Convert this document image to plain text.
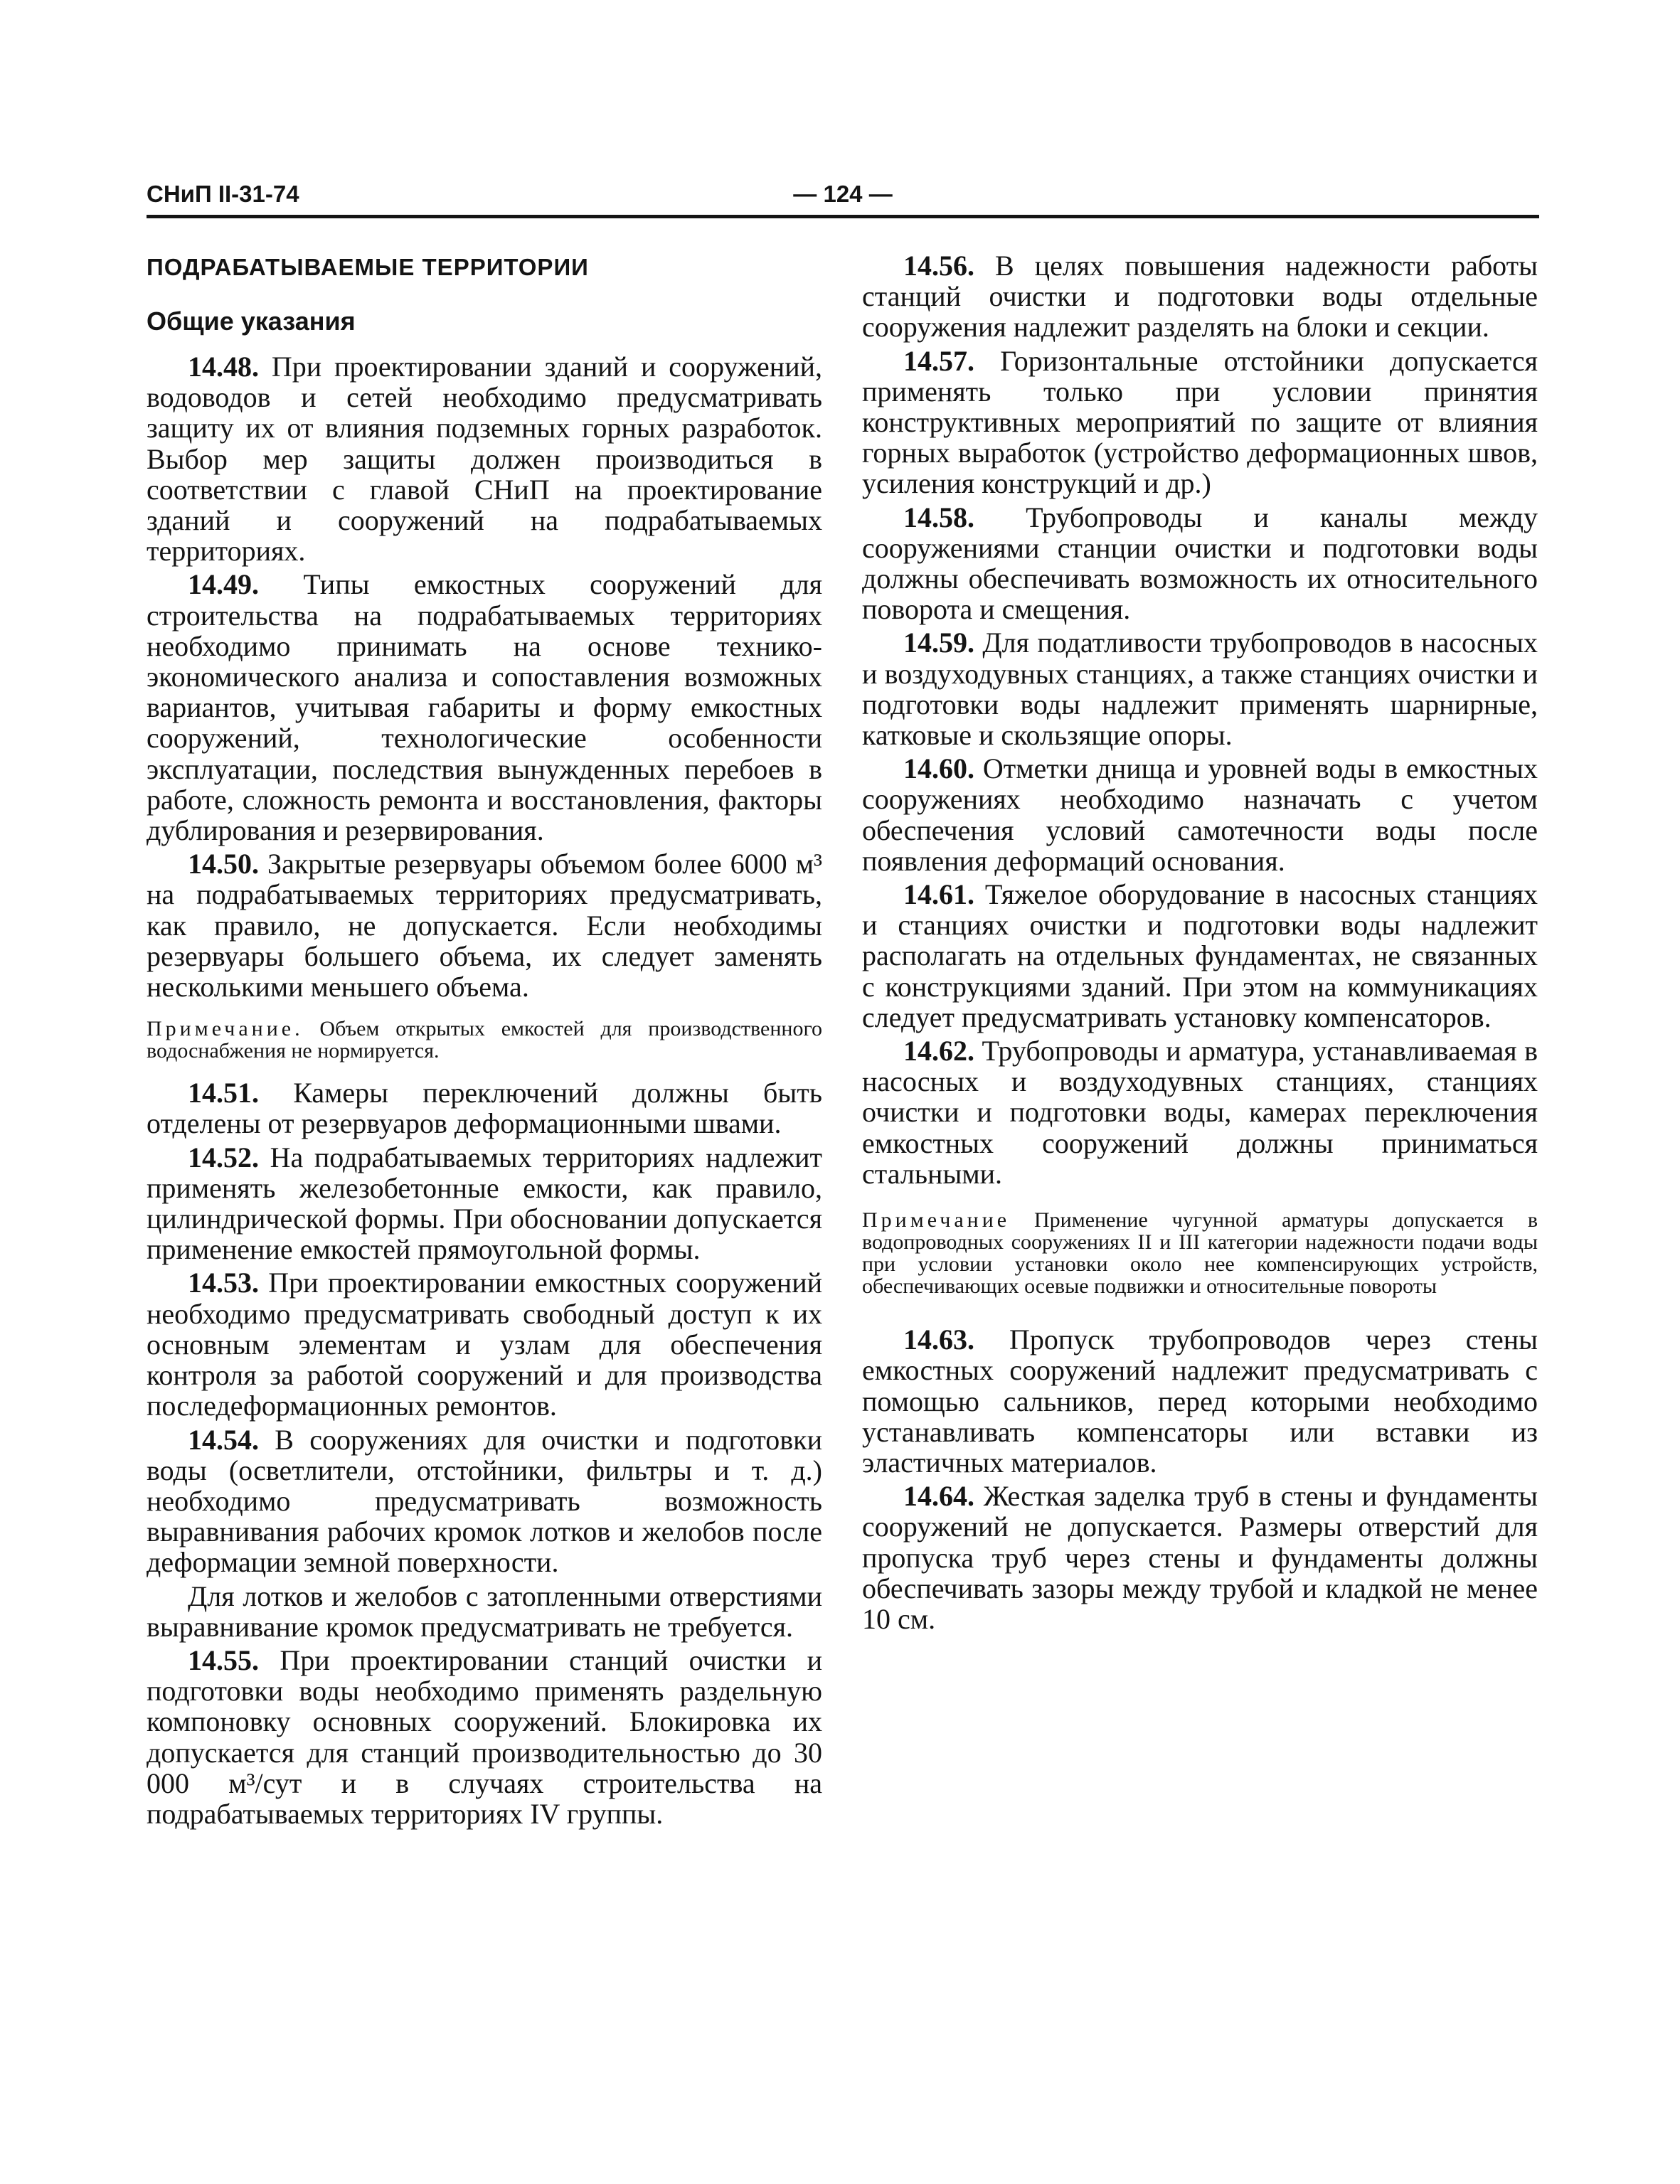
СНиП II-31-74	— 124 —
ПОДРАБАТЫВАЕМЫЕ ТЕРРИТОРИИ
Общие указания

14.48. При проектировании зданий и сооружений, водоводов и сетей необходимо предусматривать защиту их от влияния подземных горных разработок. Выбор мер защиты должен производиться в соответствии с главой СНиП на проектирование зданий и сооружений на подрабатываемых территориях.

14.49. Типы емкостных сооружений для строительства на подрабатываемых территориях необходимо принимать на основе технико-экономического анализа и сопоставления возможных вариантов, учитывая габариты и форму емкостных сооружений, технологические особенности эксплуатации, последствия вынужденных перебоев в работе, сложность ремонта и восстановления, факторы дублирования и резервирования.

14.50. Закрытые резервуары объемом более 6000 м³ на подрабатываемых территориях предусматривать, как правило, не допускается. Если необходимы резервуары большего объема, их следует заменять несколькими меньшего объема.

Примечание. Объем открытых емкостей для производственного водоснабжения не нормируется.

14.51. Камеры переключений должны быть отделены от резервуаров деформационными швами.

14.52. На подрабатываемых территориях надлежит применять железобетонные емкости, как правило, цилиндрической формы. При обосновании допускается применение емкостей прямоугольной формы.

14.53. При проектировании емкостных сооружений необходимо предусматривать свободный доступ к их основным элементам и узлам для обеспечения контроля за работой сооружений и для производства последеформационных ремонтов.

14.54. В сооружениях для очистки и подготовки воды (осветлители, отстойники, фильтры и т. д.) необходимо предусматривать возможность выравнивания рабочих кромок лотков и желобов после деформации земной поверхности.

Для лотков и желобов с затопленными отверстиями выравнивание кромок предусматривать не требуется.

14.55. При проектировании станций очистки и подготовки воды необходимо применять раздельную компоновку основных сооружений. Блокировка их допускается для станций производительностью до 30 000 м³/сут и в случаях строительства на подрабатываемых территориях IV группы.

14.56. В целях повышения надежности работы станций очистки и подготовки воды отдельные сооружения надлежит разделять на блоки и секции.

14.57. Горизонтальные отстойники допускается применять только при условии принятия конструктивных мероприятий по защите от влияния горных выработок (устройство деформационных швов, усиления конструкций и др.)

14.58. Трубопроводы и каналы между сооружениями станции очистки и подготовки воды должны обеспечивать возможность их относительного поворота и смещения.

14.59. Для податливости трубопроводов в насосных и воздуходувных станциях, а также станциях очистки и подготовки воды надлежит применять шарнирные, катковые и скользящие опоры.

14.60. Отметки днища и уровней воды в емкостных сооружениях необходимо назначать с учетом обеспечения условий самотечности воды после появления деформаций основания.

14.61. Тяжелое оборудование в насосных станциях и станциях очистки и подготовки воды надлежит располагать на отдельных фундаментах, не связанных с конструкциями зданий. При этом на коммуникациях следует предусматривать установку компенсаторов.

14.62. Трубопроводы и арматура, устанавливаемая в насосных и воздуходувных станциях, станциях очистки и подготовки воды, камерах переключения емкостных сооружений должны приниматься стальными.

Примечание Применение чугунной арматуры допускается в водопроводных сооружениях II и III категории надежности подачи воды при условии установки около нее компенсирующих устройств, обеспечивающих осевые подвижки и относительные повороты

14.63. Пропуск трубопроводов через стены емкостных сооружений надлежит предусматривать с помощью сальников, перед которыми необходимо устанавливать компенсаторы или вставки из эластичных материалов.

14.64. Жесткая заделка труб в стены и фундаменты сооружений не допускается. Размеры отверстий для пропуска труб через стены и фундаменты должны обеспечивать зазоры между трубой и кладкой не менее 10 см.
